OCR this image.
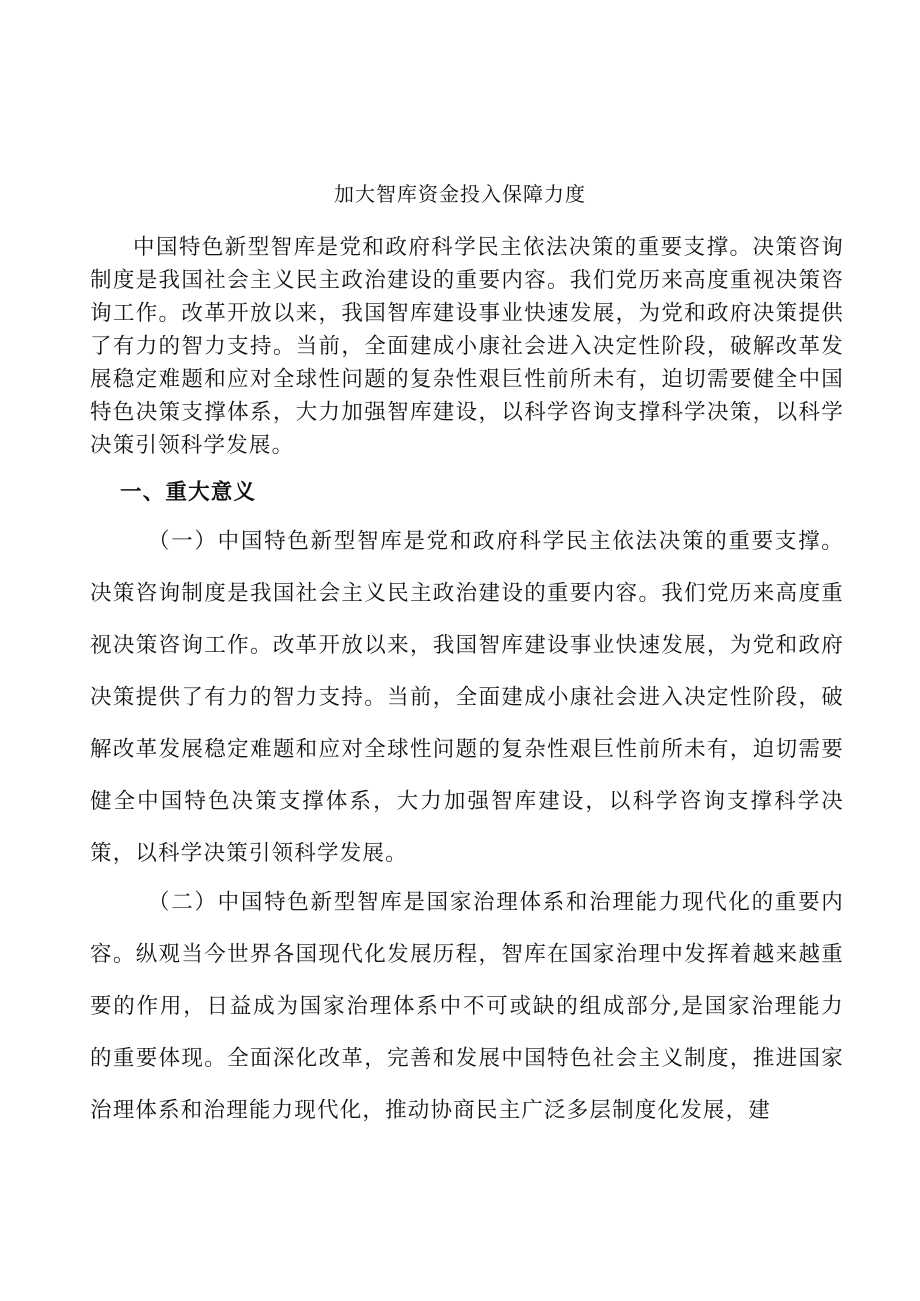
加大智库资金投入保障力度

中国特色新型智库是党和政府科学民主依法决策的重要支撑。决策咨询制度是我国社会主义民主政治建设的重要内容。我们党历来高度重视决策咨询工作。改革开放以来，我国智库建设事业快速发展，为党和政府决策提供了有力的智力支持。当前，全面建成小康社会进入决定性阶段，破解改革发展稳定难题和应对全球性问题的复杂性艰巨性前所未有，迫切需要健全中国特色决策支撑体系，大力加强智库建设，以科学咨询支撑科学决策，以科学决策引领科学发展。

一、重大意义

（一）中国特色新型智库是党和政府科学民主依法决策的重要支撑。决策咨询制度是我国社会主义民主政治建设的重要内容。我们党历来高度重视决策咨询工作。改革开放以来，我国智库建设事业快速发展，为党和政府决策提供了有力的智力支持。当前，全面建成小康社会进入决定性阶段，破解改革发展稳定难题和应对全球性问题的复杂性艰巨性前所未有，迫切需要健全中国特色决策支撑体系，大力加强智库建设，以科学咨询支撑科学决策，以科学决策引领科学发展。

（二）中国特色新型智库是国家治理体系和治理能力现代化的重要内容。纵观当今世界各国现代化发展历程，智库在国家治理中发挥着越来越重要的作用，日益成为国家治理体系中不可或缺的组成部分,是国家治理能力的重要体现。全面深化改革，完善和发展中国特色社会主义制度，推进国家治理体系和治理能力现代化，推动协商民主广泛多层制度化发展，建
